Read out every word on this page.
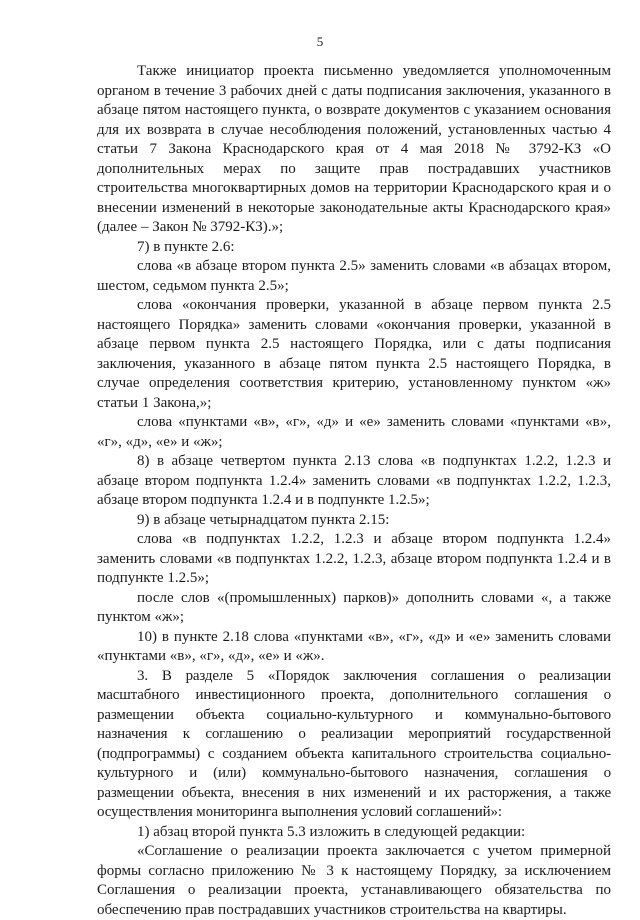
5

Также инициатор проекта письменно уведомляется уполномоченным органом в течение 3 рабочих дней с даты подписания заключения, указанного в абзаце пятом настоящего пункта, о возврате документов с указанием основания для их возврата в случае несоблюдения положений, установленных частью 4 статьи 7 Закона Краснодарского края от 4 мая 2018 № 3792-КЗ «О дополнительных мерах по защите прав пострадавших участников строительства многоквартирных домов на территории Краснодарского края и о внесении изменений в некоторые законодательные акты Краснодарского края» (далее – Закон № 3792-КЗ).»;

7) в пункте 2.6:

слова «в абзаце втором пункта 2.5» заменить словами «в абзацах втором, шестом, седьмом пункта 2.5»;

слова «окончания проверки, указанной в абзаце первом пункта 2.5 настоящего Порядка» заменить словами «окончания проверки, указанной в абзаце первом пункта 2.5 настоящего Порядка, или с даты подписания заключения, указанного в абзаце пятом пункта 2.5 настоящего Порядка, в случае определения соответствия критерию, установленному пунктом «ж» статьи 1 Закона,»;

слова «пунктами «в», «г», «д» и «е» заменить словами «пунктами «в», «г», «д», «е» и «ж»;

8) в абзаце четвертом пункта 2.13 слова «в подпунктах 1.2.2, 1.2.3 и абзаце втором подпункта 1.2.4» заменить словами «в подпунктах 1.2.2, 1.2.3, абзаце втором подпункта 1.2.4 и в подпункте 1.2.5»;

9) в абзаце четырнадцатом пункта 2.15:

слова «в подпунктах 1.2.2, 1.2.3 и абзаце втором подпункта 1.2.4» заменить словами «в подпунктах 1.2.2, 1.2.3, абзаце втором подпункта 1.2.4 и в подпункте 1.2.5»;

после слов «(промышленных) парков)» дополнить словами «, а также пунктом «ж»;

10) в пункте 2.18 слова «пунктами «в», «г», «д» и «е» заменить словами «пунктами «в», «г», «д», «е» и «ж».

3. В разделе 5 «Порядок заключения соглашения о реализации масштабного инвестиционного проекта, дополнительного соглашения о размещении объекта социально-культурного и коммунально-бытового назначения к соглашению о реализации мероприятий государственной (подпрограммы) с созданием объекта капитального строительства социально-культурного и (или) коммунально-бытового назначения, соглашения о размещении объекта, внесения в них изменений и их расторжения, а также осуществления мониторинга выполнения условий соглашений»:

1) абзац второй пункта 5.3 изложить в следующей редакции:

«Соглашение о реализации проекта заключается с учетом примерной формы согласно приложению № 3 к настоящему Порядку, за исключением Соглашения о реализации проекта, устанавливающего обязательства по обеспечению прав пострадавших участников строительства на квартиры.
